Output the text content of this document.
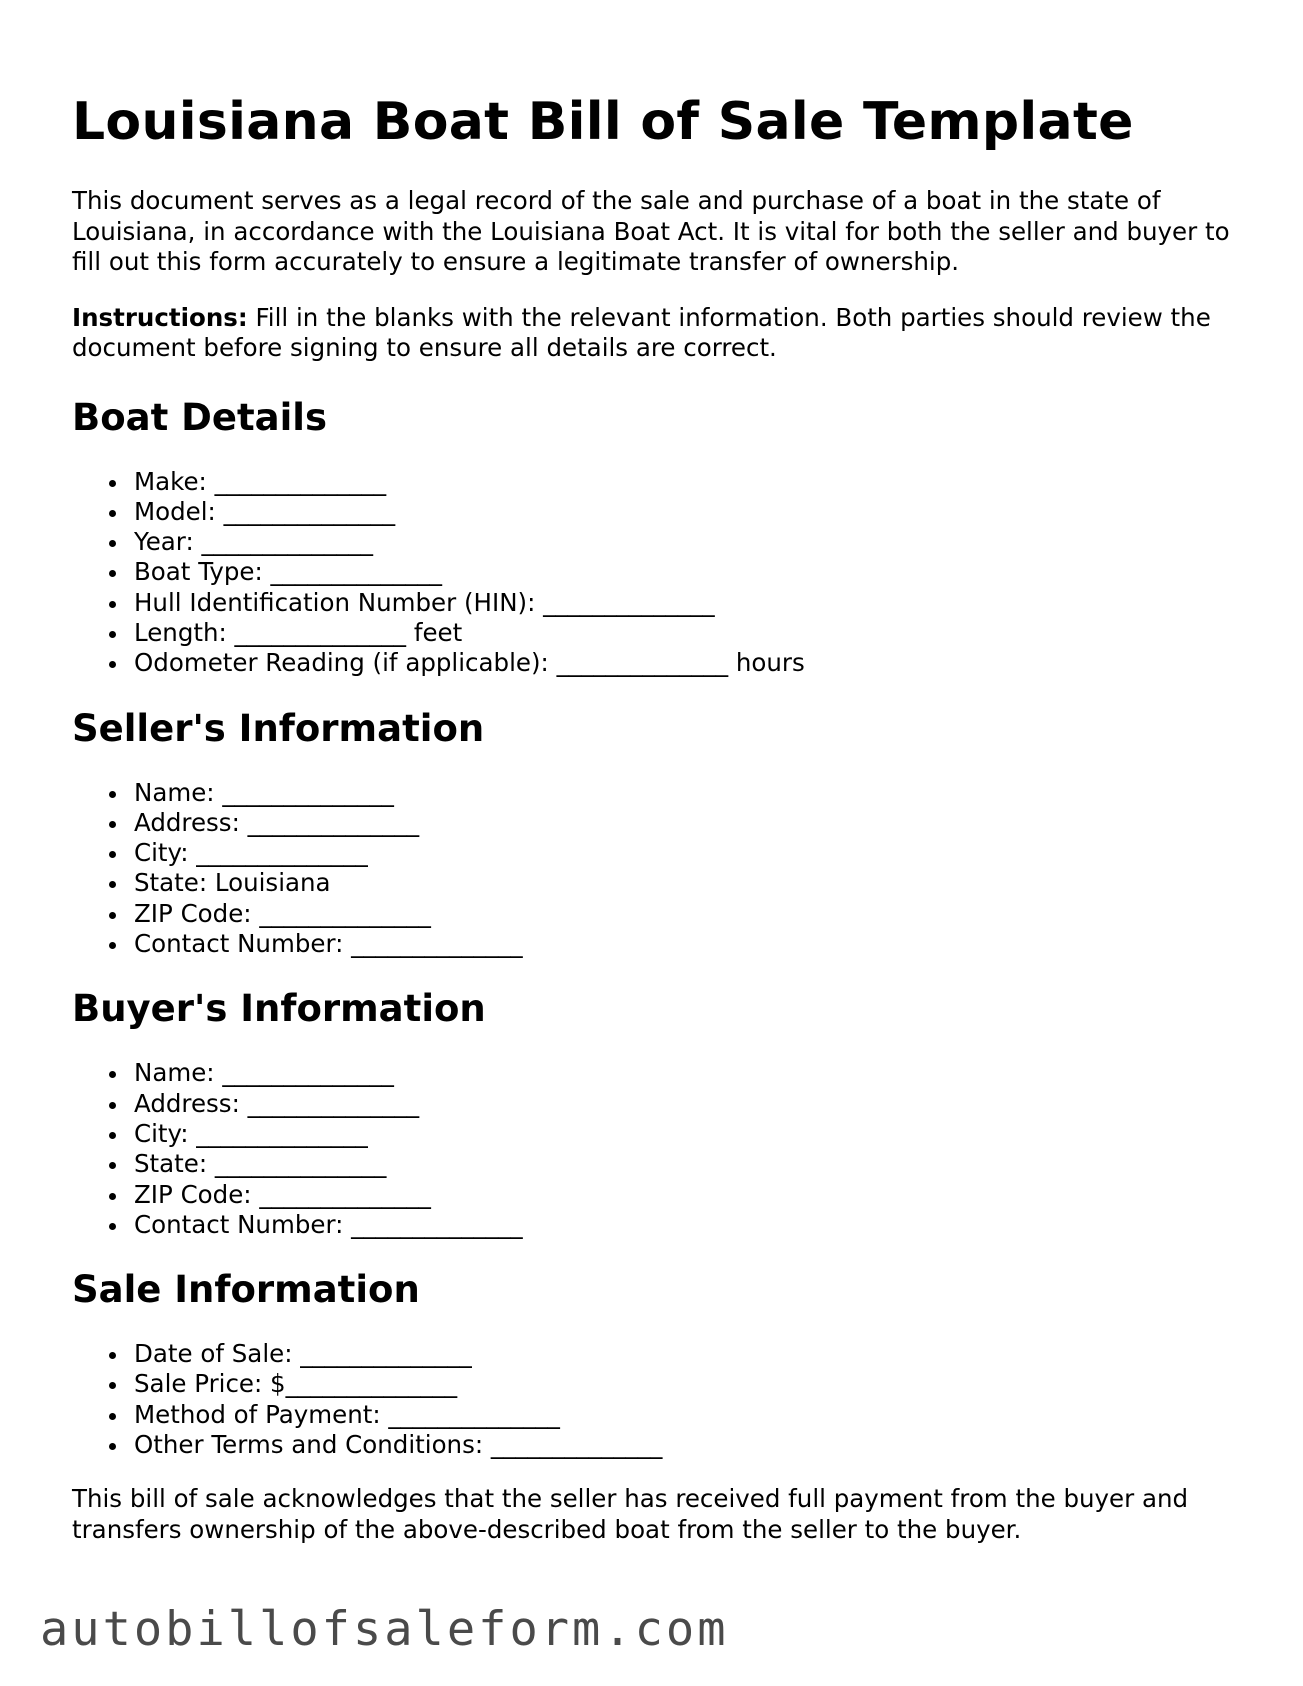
Louisiana Boat Bill of Sale Template

This document serves as a legal record of the sale and purchase of a boat in the state of Louisiana, in accordance with the Louisiana Boat Act. It is vital for both the seller and buyer to fill out this form accurately to ensure a legitimate transfer of ownership.

Instructions: Fill in the blanks with the relevant information. Both parties should review the document before signing to ensure all details are correct.

Boat Details
Make: ______________
Model: ______________
Year: ______________
Boat Type: ______________
Hull Identification Number (HIN): ______________
Length: ______________ feet
Odometer Reading (if applicable): ______________ hours
Seller's Information
Name: ______________
Address: ______________
City: ______________
State: Louisiana
ZIP Code: ______________
Contact Number: ______________
Buyer's Information
Name: ______________
Address: ______________
City: ______________
State: ______________
ZIP Code: ______________
Contact Number: ______________
Sale Information
Date of Sale: ______________
Sale Price: $______________
Method of Payment: ______________
Other Terms and Conditions: ______________

This bill of sale acknowledges that the seller has received full payment from the buyer and transfers ownership of the above-described boat from the seller to the buyer.

autobillofsaleform.com
